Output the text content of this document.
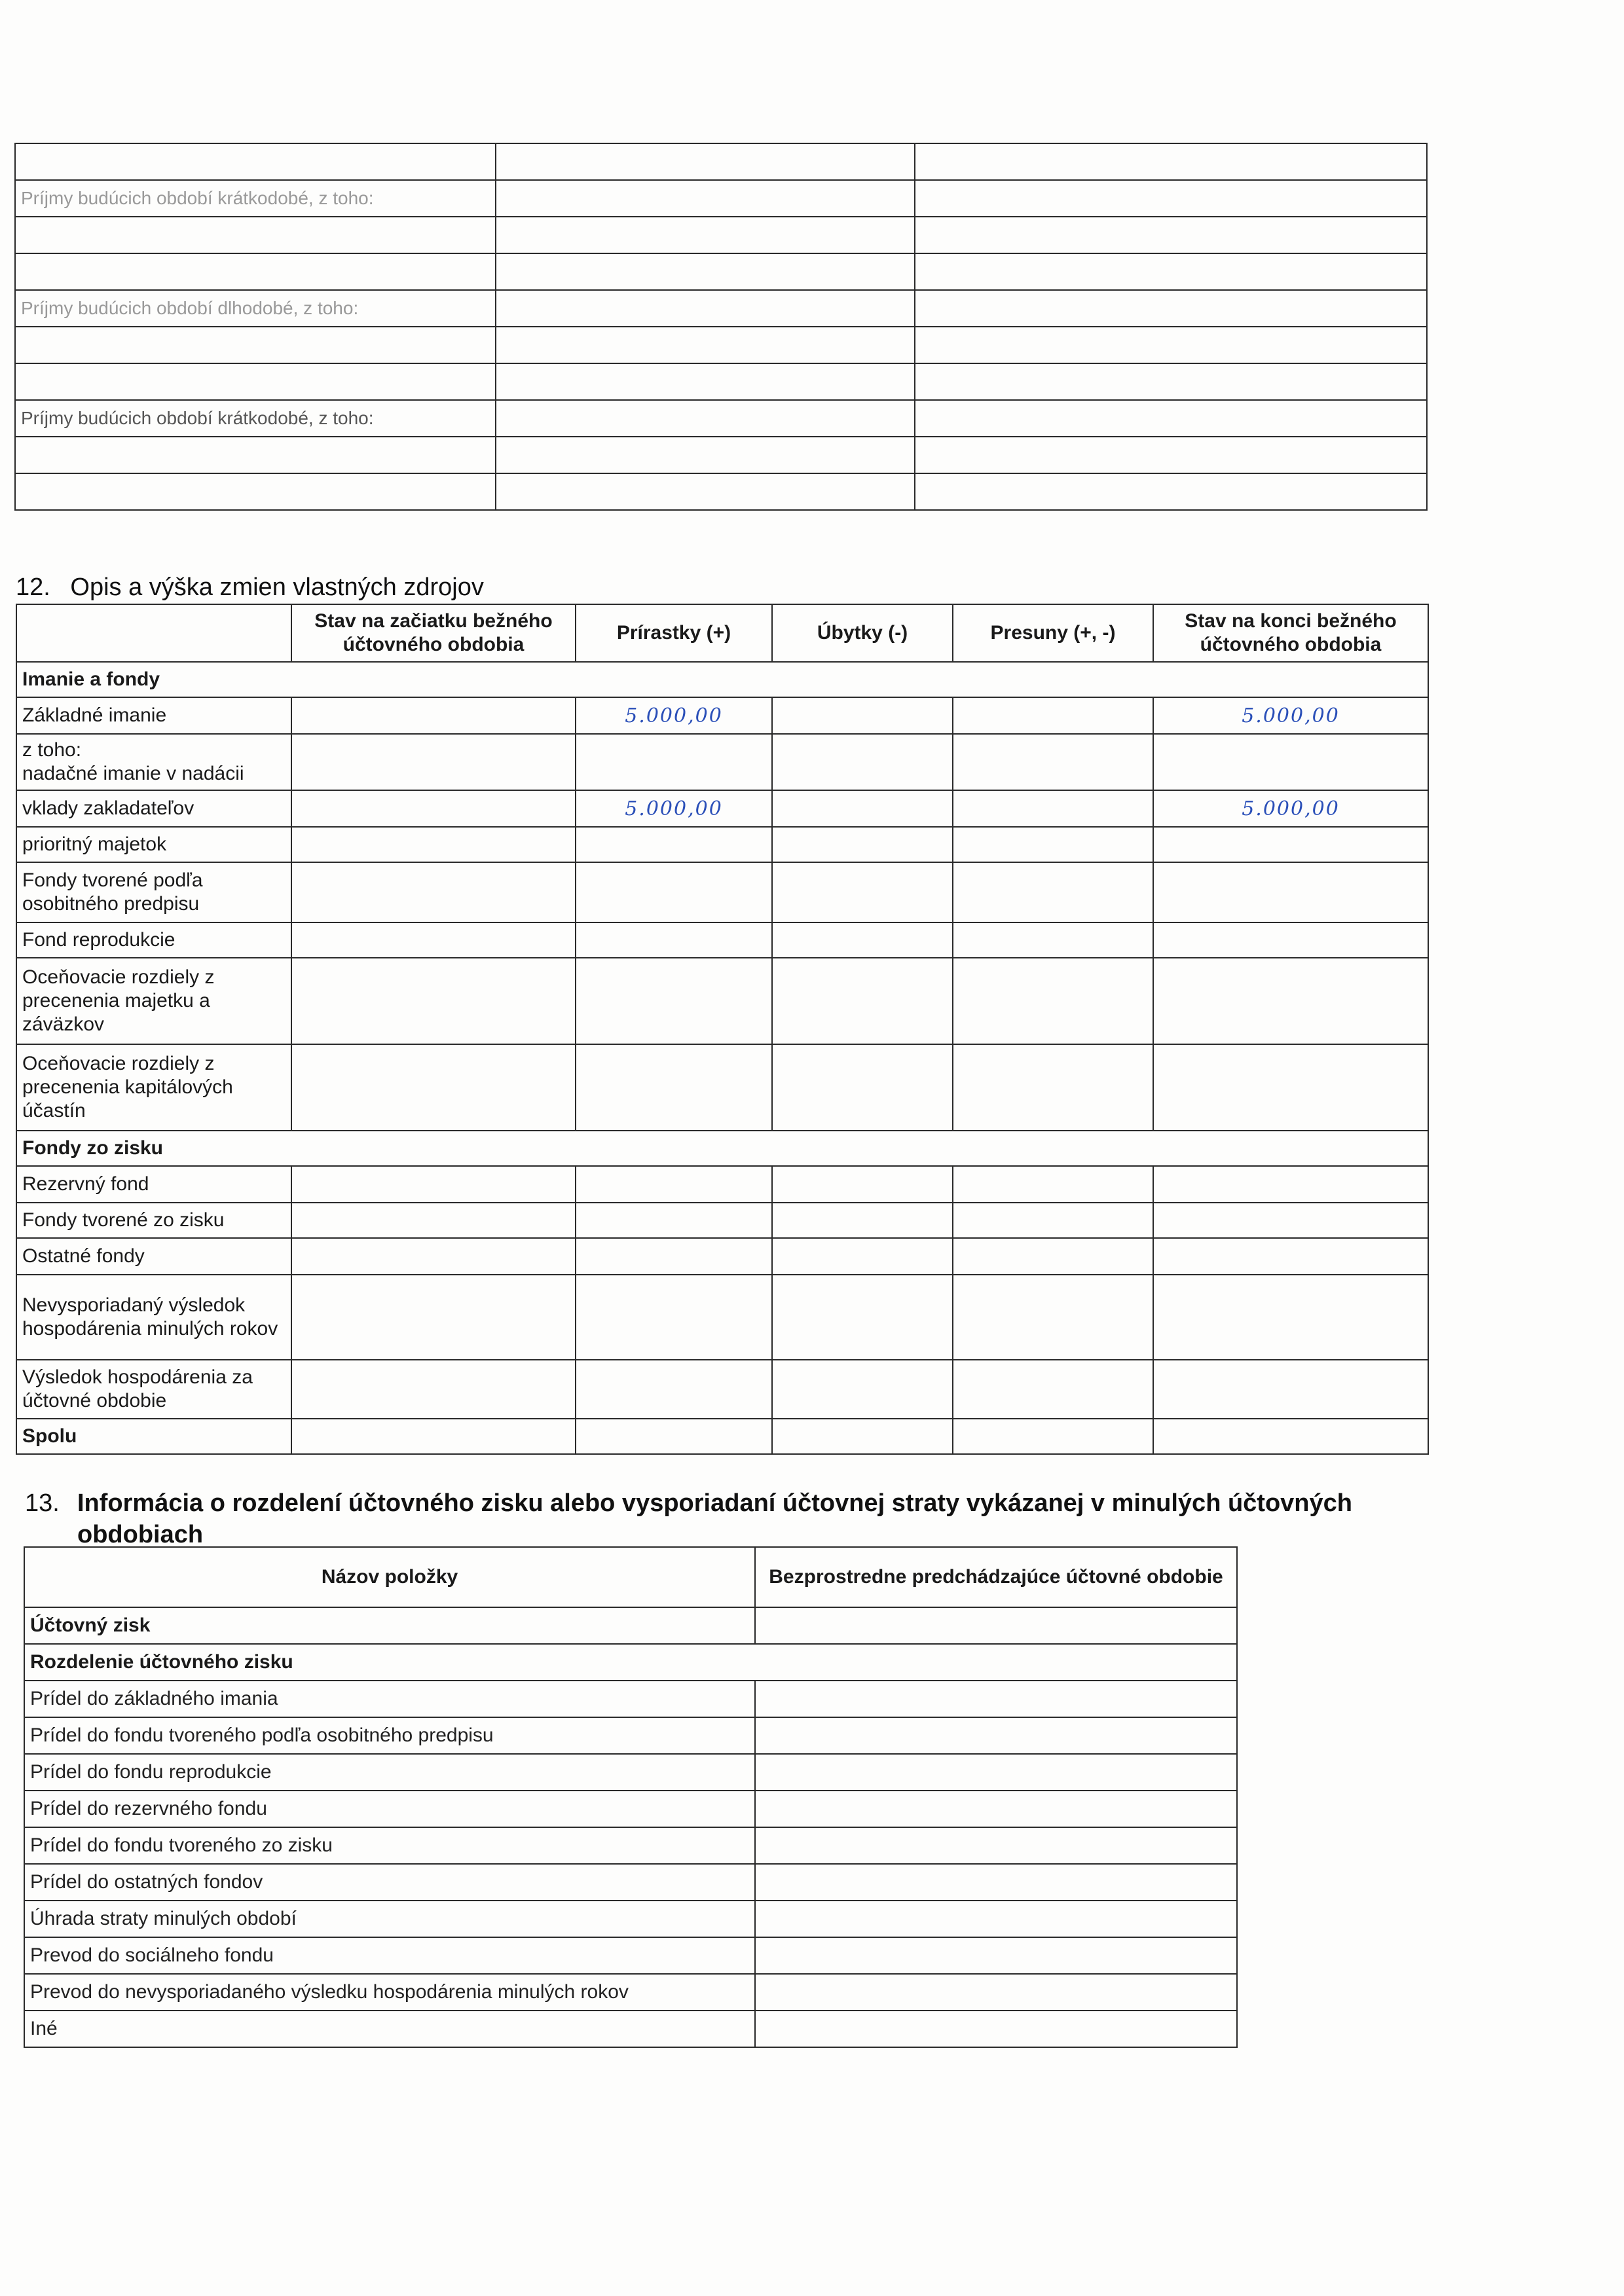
Príjmy budúcich období krátkodobé, z toho:		

Príjmy budúcich období dlhodobé, z toho:		

Príjmy budúcich období krátkodobé, z toho:		

12. Opis a výška zmien vlastných zdrojov
	Stav na začiatku bežného účtovného obdobia	Prírastky (+)	Úbytky (-)	Presuny (+, -)	Stav na konci bežného účtovného obdobia
Imanie a fondy					
Základné imanie		5.000,00			5.000,00
z toho:
nadačné imanie v nadácii					
vklady zakladateľov		5.000,00			5.000,00
prioritný majetok					
Fondy tvorené podľa osobitného predpisu					
Fond reprodukcie					
Oceňovacie rozdiely z precenenia majetku a záväzkov					
Oceňovacie rozdiely z precenenia kapitálových účastín					
Fondy zo zisku					
Rezervný fond					
Fondy tvorené zo zisku					
Ostatné fondy					
Nevysporiadaný výsledok hospodárenia minulých rokov					
Výsledok hospodárenia za účtovné obdobie					
Spolu					
13. Informácia o rozdelení účtovného zisku alebo vysporiadaní účtovnej straty vykázanej v minulých účtovných
obdobiach
Názov položky	Bezprostredne predchádzajúce účtovné obdobie
Účtovný zisk	
Rozdelenie účtovného zisku	
Prídel do základného imania	
Prídel do fondu tvoreného podľa osobitného predpisu	
Prídel do fondu reprodukcie	
Prídel do rezervného fondu	
Prídel do fondu tvoreného zo zisku	
Prídel do ostatných fondov	
Úhrada straty minulých období	
Prevod do sociálneho fondu	
Prevod do nevysporiadaného výsledku hospodárenia minulých rokov	
Iné	
